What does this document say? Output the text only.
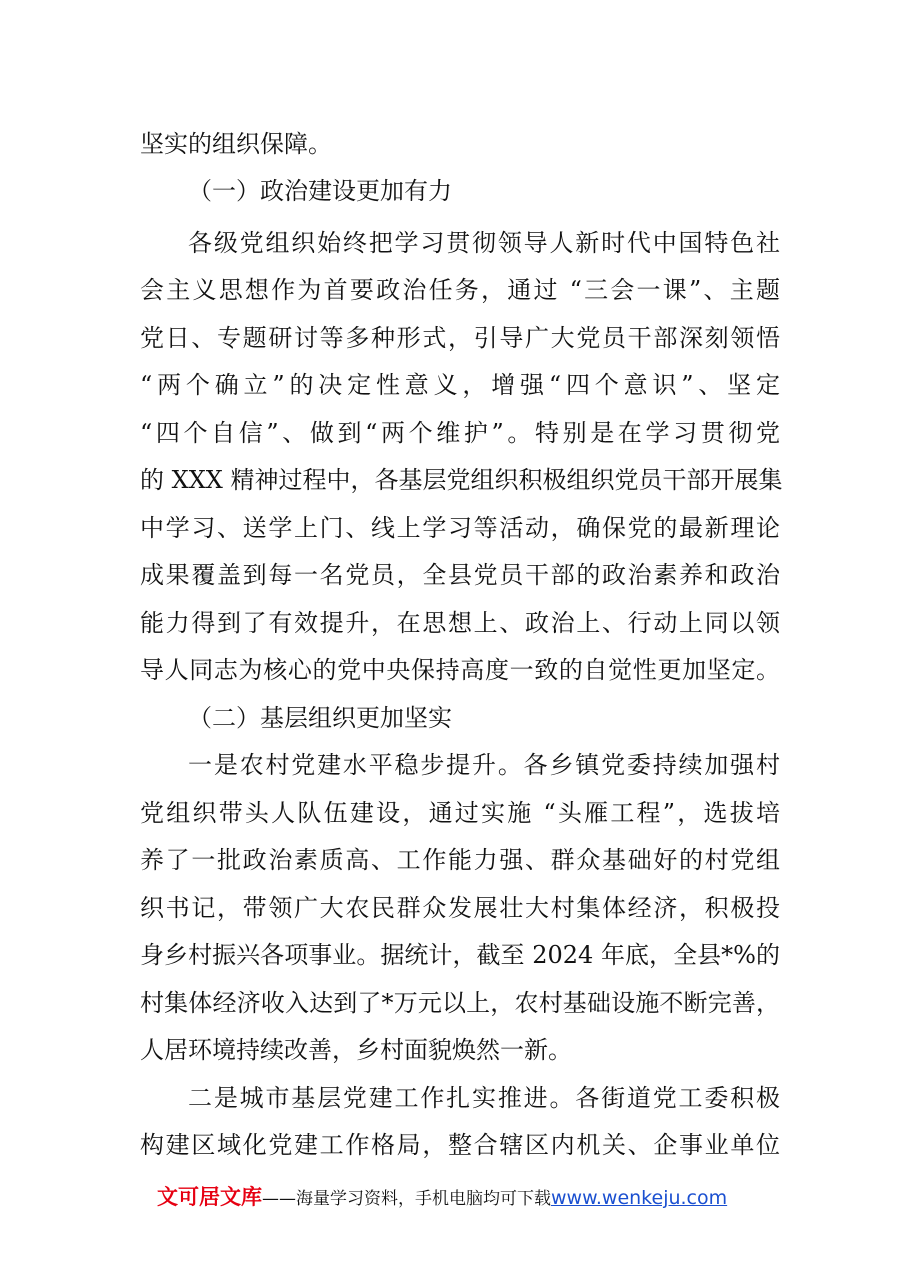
坚实的组织保障。
（一）政治建设更加有力
各级党组织始终把学习贯彻领导人新时代中国特色社
会主义思想作为首要政治任务，通过 “三会一课”、主题
党日、专题研讨等多种形式，引导广大党员干部深刻领悟
“两个确立”的决定性意义，增强“四个意识”、坚定
“四个自信”、做到“两个维护”。特别是在学习贯彻党
的 XXX 精神过程中，各基层党组织积极组织党员干部开展集
中学习、送学上门、线上学习等活动，确保党的最新理论
成果覆盖到每一名党员，全县党员干部的政治素养和政治
能力得到了有效提升，在思想上、政治上、行动上同以领
导人同志为核心的党中央保持高度一致的自觉性更加坚定。
（二）基层组织更加坚实
一是农村党建水平稳步提升。各乡镇党委持续加强村
党组织带头人队伍建设，通过实施 “头雁工程”，选拔培
养了一批政治素质高、工作能力强、群众基础好的村党组
织书记，带领广大农民群众发展壮大村集体经济，积极投
身乡村振兴各项事业。据统计，截至 2024 年底，全县*%的
村集体经济收入达到了*万元以上，农村基础设施不断完善，
人居环境持续改善，乡村面貌焕然一新。
二是城市基层党建工作扎实推进。各街道党工委积极
构建区域化党建工作格局，整合辖区内机关、企事业单位
文可居文库 ——海量学习资料，手机电脑均可下载 www.wenkeju.com
